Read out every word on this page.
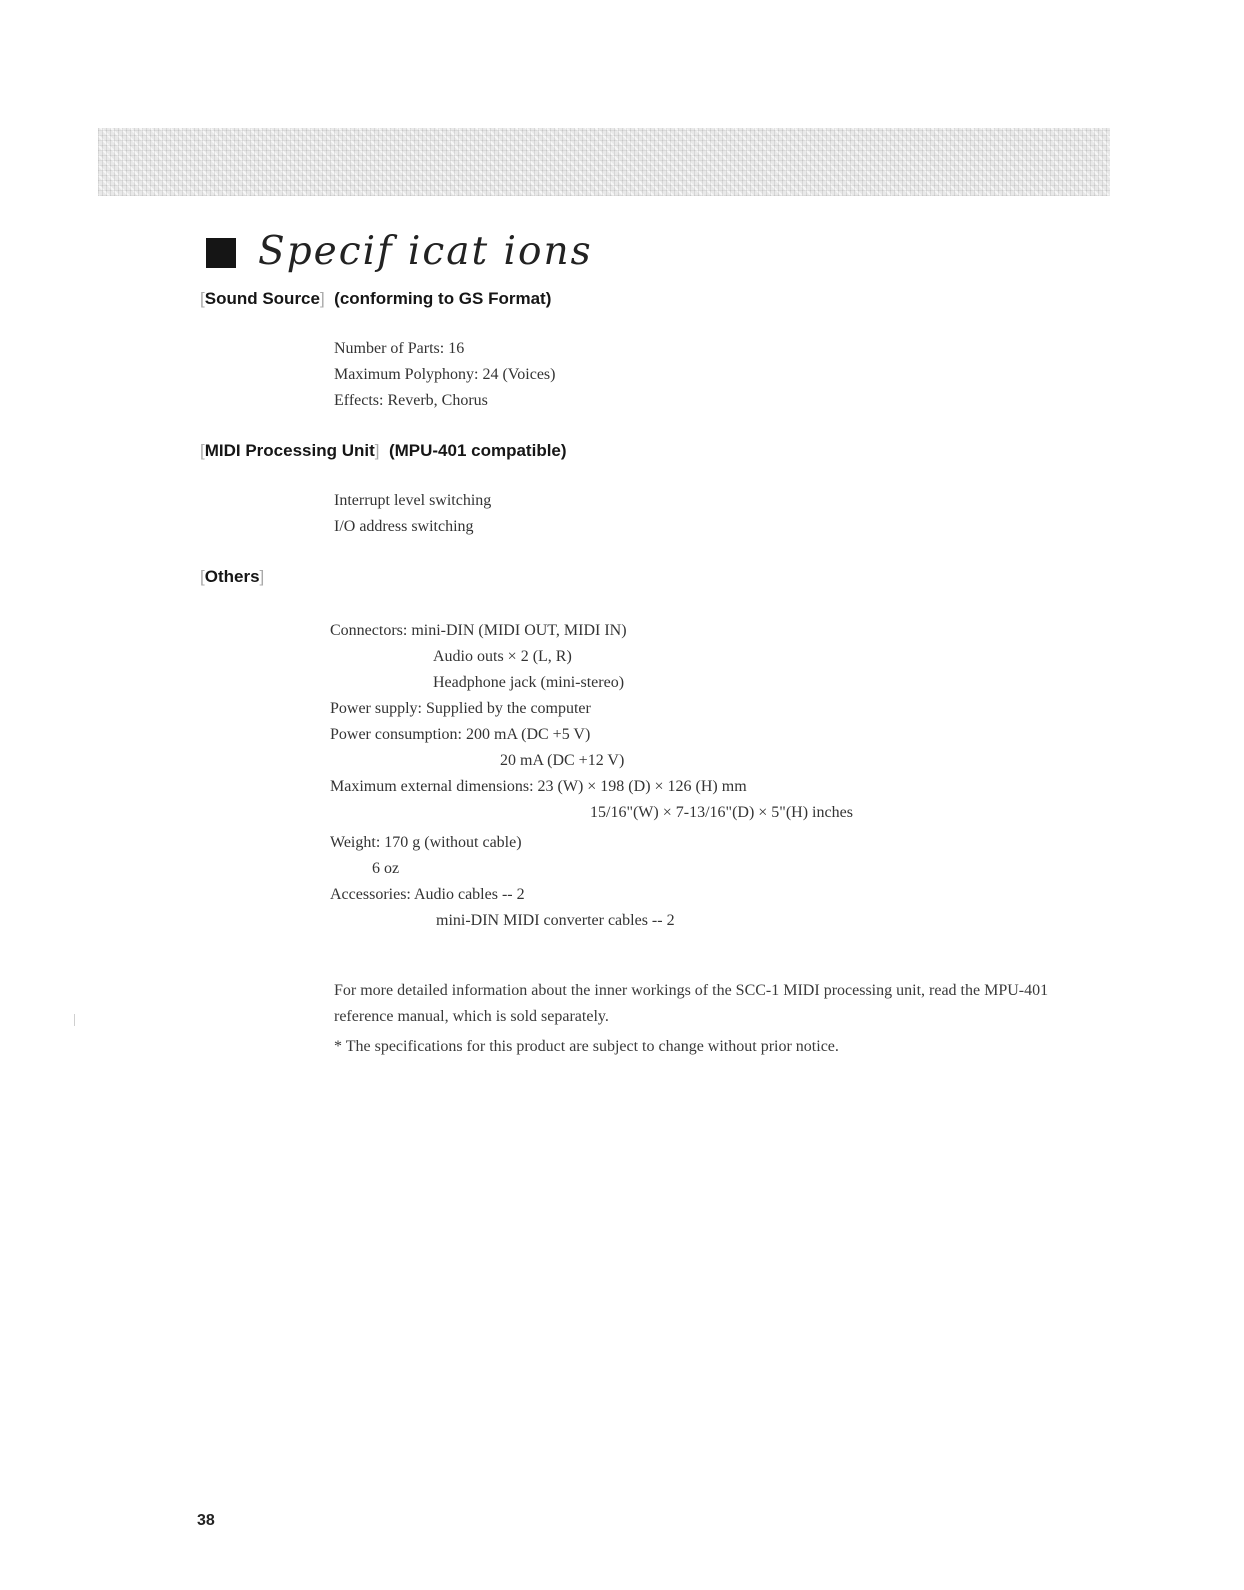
Specif icat ions
[Sound Source] (conforming to GS Format)
Number of Parts: 16
Maximum Polyphony: 24 (Voices)
Effects: Reverb, Chorus
[MIDI Processing Unit] (MPU-401 compatible)
Interrupt level switching
I/O address switching
[Others]
Connectors: mini-DIN (MIDI OUT, MIDI IN)
Audio outs × 2 (L, R)
Headphone jack (mini-stereo)
Power supply: Supplied by the computer
Power consumption: 200 mA (DC +5 V)
20 mA (DC +12 V)
Maximum external dimensions: 23 (W) × 198 (D) × 126 (H) mm
15/16"(W) × 7-13/16"(D) × 5"(H) inches
Weight: 170 g (without cable)
6 oz
Accessories: Audio cables -- 2
mini-DIN MIDI converter cables -- 2
For more detailed information about the inner workings of the SCC-1 MIDI processing unit, read the MPU-401 reference manual, which is sold separately.
* The specifications for this product are subject to change without prior notice.
38
